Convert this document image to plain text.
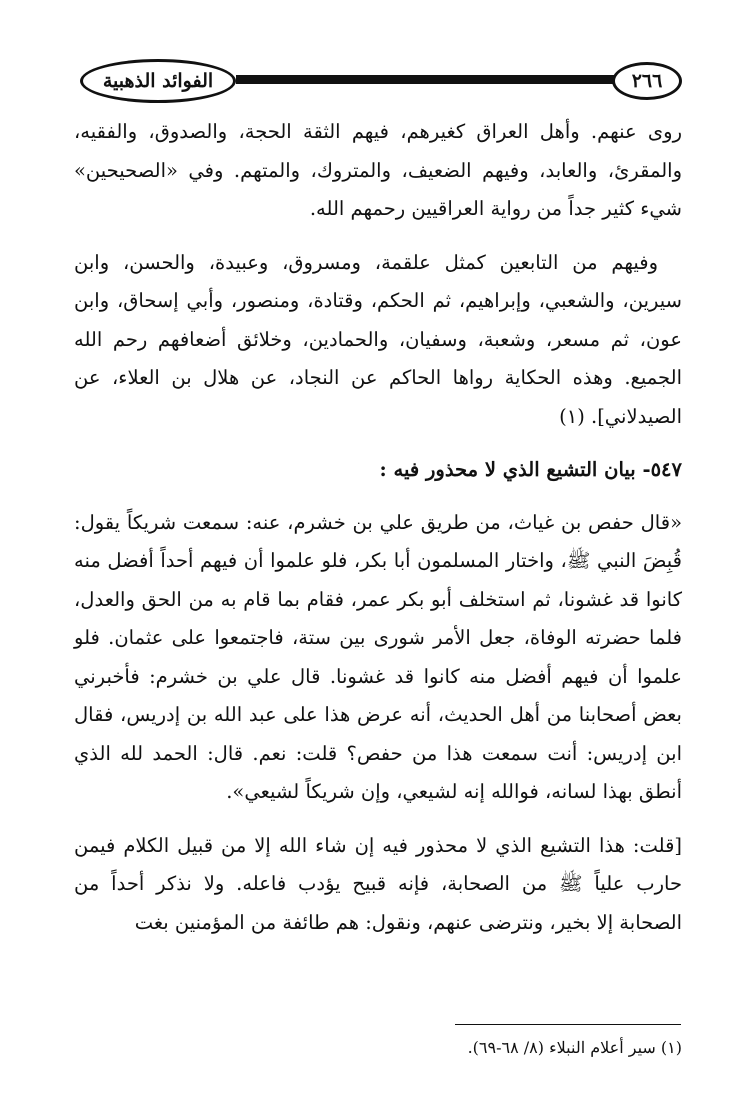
الفوائد الذهبية	٢٦٦

روى عنهم. وأهل العراق كغيرهم، فيهم الثقة الحجة، والصدوق، والفقيه، والمقرئ، والعابد، وفيهم الضعيف، والمتروك، والمتهم. وفي «الصحيحين» شيء كثير جداً من رواية العراقيين رحمهم الله.

وفيهم من التابعين كمثل علقمة، ومسروق، وعبيدة، والحسن، وابن سيرين، والشعبي، وإبراهيم، ثم الحكم، وقتادة، ومنصور، وأبي إسحاق، وابن عون، ثم مسعر، وشعبة، وسفيان، والحمادين، وخلائق أضعافهم رحم الله الجميع. وهذه الحكاية رواها الحاكم عن النجاد، عن هلال بن العلاء، عن الصيدلاني]. (١)

٥٤٧- بيان التشيع الذي لا محذور فيه :

«قال حفص بن غياث، من طريق علي بن خشرم، عنه: سمعت شريكاً يقول: قُبِضَ النبي ﷺ، واختار المسلمون أبا بكر، فلو علموا أن فيهم أحداً أفضل منه كانوا قد غشونا، ثم استخلف أبو بكر عمر، فقام بما قام به من الحق والعدل، فلما حضرته الوفاة، جعل الأمر شورى بين ستة، فاجتمعوا على عثمان. فلو علموا أن فيهم أفضل منه كانوا قد غشونا. قال علي بن خشرم: فأخبرني بعض أصحابنا من أهل الحديث، أنه عرض هذا على عبد الله بن إدريس، فقال ابن إدريس: أنت سمعت هذا من حفص؟ قلت: نعم. قال: الحمد لله الذي أنطق بهذا لسانه، فوالله إنه لشيعي، وإن شريكاً لشيعي».

[قلت: هذا التشيع الذي لا محذور فيه إن شاء الله إلا من قبيل الكلام فيمن حارب علياً ﷺ من الصحابة، فإنه قبيح يؤدب فاعله. ولا نذكر أحداً من الصحابة إلا بخير، ونترضى عنهم، ونقول: هم طائفة من المؤمنين بغت

(١) سير أعلام النبلاء (٨/ ٦٨-٦٩).
